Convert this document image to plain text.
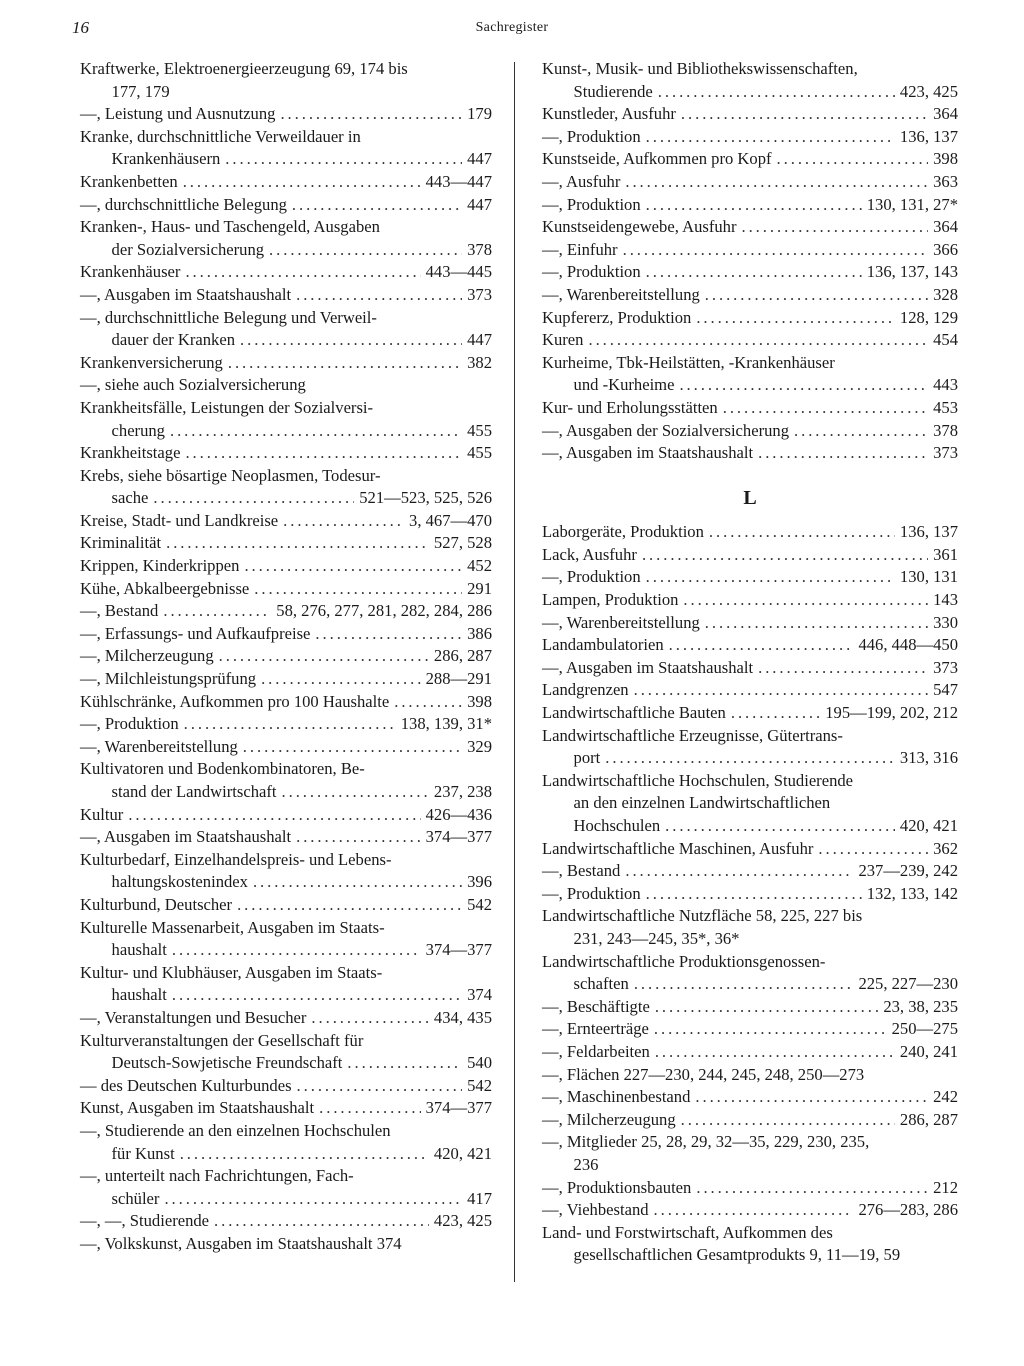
16	Sachregister
Kraftwerke, Elektroenergieerzeugung 69, 174 bis
177, 179
—, Leistung und Ausnutzung . . .	179
Kranke, durchschnittliche Verweildauer in
Krankenhäusern . . .	447
Krankenbetten . . .	443—447
—, durchschnittliche Belegung . . .	447
Kranken-, Haus- und Taschengeld, Ausgaben
der Sozialversicherung . . .	378
Krankenhäuser . . .	443—445
—, Ausgaben im Staatshaushalt . . .	373
—, durchschnittliche Belegung und Verweil-
dauer der Kranken . . .	447
Krankenversicherung . . .	382
—, siehe auch Sozialversicherung
Krankheitsfälle, Leistungen der Sozialversi-
cherung . . .	455
Krankheitstage . . .	455
Krebs, siehe bösartige Neoplasmen, Todesur-
sache . . .	521—523, 525, 526
Kreise, Stadt- und Landkreise . . .	3, 467—470
Kriminalität . . .	527, 528
Krippen, Kinderkrippen . . .	452
Kühe, Abkalbeergebnisse . . .	291
—, Bestand . . .	58, 276, 277, 281, 282, 284, 286
—, Erfassungs- und Aufkaufpreise . . .	386
—, Milcherzeugung . . .	286, 287
—, Milchleistungsprüfung . . .	288—291
Kühlschränke, Aufkommen pro 100 Haushalte . . .	398
—, Produktion . . .	138, 139, 31*
—, Warenbereitstellung . . .	329
Kultivatoren und Bodenkombinatoren, Be-
stand der Landwirtschaft . . .	237, 238
Kultur . . .	426—436
—, Ausgaben im Staatshaushalt . . .	374—377
Kulturbedarf, Einzelhandelspreis- und Lebens-
haltungskostenindex . . .	396
Kulturbund, Deutscher . . .	542
Kulturelle Massenarbeit, Ausgaben im Staats-
haushalt . . .	374—377
Kultur- und Klubhäuser, Ausgaben im Staats-
haushalt . . .	374
—, Veranstaltungen und Besucher . . .	434, 435
Kulturveranstaltungen der Gesellschaft für
Deutsch-Sowjetische Freundschaft . . .	540
— des Deutschen Kulturbundes . . .	542
Kunst, Ausgaben im Staatshaushalt . . .	374—377
—, Studierende an den einzelnen Hochschulen
für Kunst . . .	420, 421
—, unterteilt nach Fachrichtungen, Fach-
schüler . . .	417
—, —, Studierende . . .	423, 425
—, Volkskunst, Ausgaben im Staatshaushalt 374
Kunst-, Musik- und Bibliothekswissenschaften,
Studierende . . .	423, 425
Kunstleder, Ausfuhr . . .	364
—, Produktion . . .	136, 137
Kunstseide, Aufkommen pro Kopf . . .	398
—, Ausfuhr . . .	363
—, Produktion . . .	130, 131, 27*
Kunstseidengewebe, Ausfuhr . . .	364
—, Einfuhr . . .	366
—, Produktion . . .	136, 137, 143
—, Warenbereitstellung . . .	328
Kupfererz, Produktion . . .	128, 129
Kuren . . .	454
Kurheime, Tbk-Heilstätten, -Krankenhäuser
und -Kurheime . . .	443
Kur- und Erholungsstätten . . .	453
—, Ausgaben der Sozialversicherung . . .	378
—, Ausgaben im Staatshaushalt . . .	373
L
Laborgeräte, Produktion . . .	136, 137
Lack, Ausfuhr . . .	361
—, Produktion . . .	130, 131
Lampen, Produktion . . .	143
—, Warenbereitstellung . . .	330
Landambulatorien . . .	446, 448—450
—, Ausgaben im Staatshaushalt . . .	373
Landgrenzen . . .	547
Landwirtschaftliche Bauten . . .	195—199, 202, 212
Landwirtschaftliche Erzeugnisse, Gütertrans-
port . . .	313, 316
Landwirtschaftliche Hochschulen, Studierende
an den einzelnen Landwirtschaftlichen
Hochschulen . . .	420, 421
Landwirtschaftliche Maschinen, Ausfuhr . . .	362
—, Bestand . . .	237—239, 242
—, Produktion . . .	132, 133, 142
Landwirtschaftliche Nutzfläche 58, 225, 227 bis
231, 243—245, 35*, 36*
Landwirtschaftliche Produktionsgenossen-
schaften . . .	225, 227—230
—, Beschäftigte . . .	23, 38, 235
—, Ernteerträge . . .	250—275
—, Feldarbeiten . . .	240, 241
—, Flächen 227—230, 244, 245, 248, 250—273
—, Maschinenbestand . . .	242
—, Milcherzeugung . . .	286, 287
—, Mitglieder 25, 28, 29, 32—35, 229, 230, 235,
236
—, Produktionsbauten . . .	212
—, Viehbestand . . .	276—283, 286
Land- und Forstwirtschaft, Aufkommen des
gesellschaftlichen Gesamtprodukts 9, 11—19, 59
